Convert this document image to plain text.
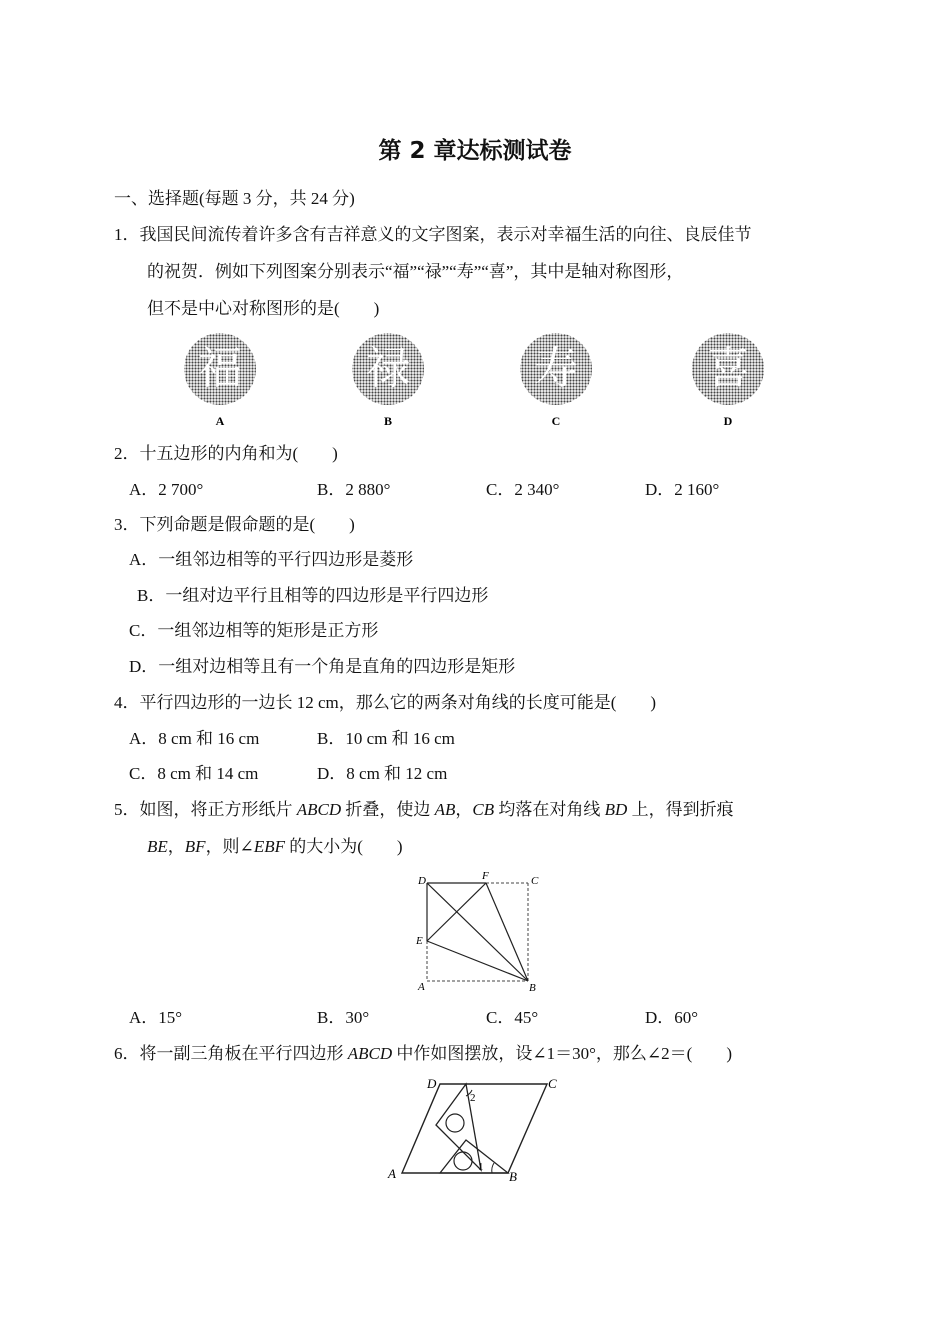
第 2 章达标测试卷
一、选择题(每题 3 分，共 24 分)
1．我国民间流传着许多含有吉祥意义的文字图案，表示对幸福生活的向往、良辰佳节
的祝贺．例如下列图案分别表示“福”“禄”“寿”“喜”，其中是轴对称图形，
但不是中心对称图形的是(　　)
福	禄	寿	喜
A	B	C	D
2．十五边形的内角和为(　　)
A．2 700°	B．2 880°	C．2 340°	D．2 160°
3．下列命题是假命题的是(　　)
A．一组邻边相等的平行四边形是菱形
B．一组对边平行且相等的四边形是平行四边形
C．一组邻边相等的矩形是正方形
D．一组对边相等且有一个角是直角的四边形是矩形
4．平行四边形的一边长 12 cm，那么它的两条对角线的长度可能是(　　)
A．8 cm 和 16 cm	B．10 cm 和 16 cm
C．8 cm 和 14 cm	D．8 cm 和 12 cm
5．如图，将正方形纸片 ABCD 折叠，使边 AB，CB 均落在对角线 BD 上，得到折痕
BE，BF，则∠EBF 的大小为(　　)
D	F	C
E
A	B
A．15°	B．30°	C．45°	D．60°
6．将一副三角板在平行四边形 ABCD 中作如图摆放，设∠1＝30°，那么∠2＝(　　)
D	C
A	B
2
1
